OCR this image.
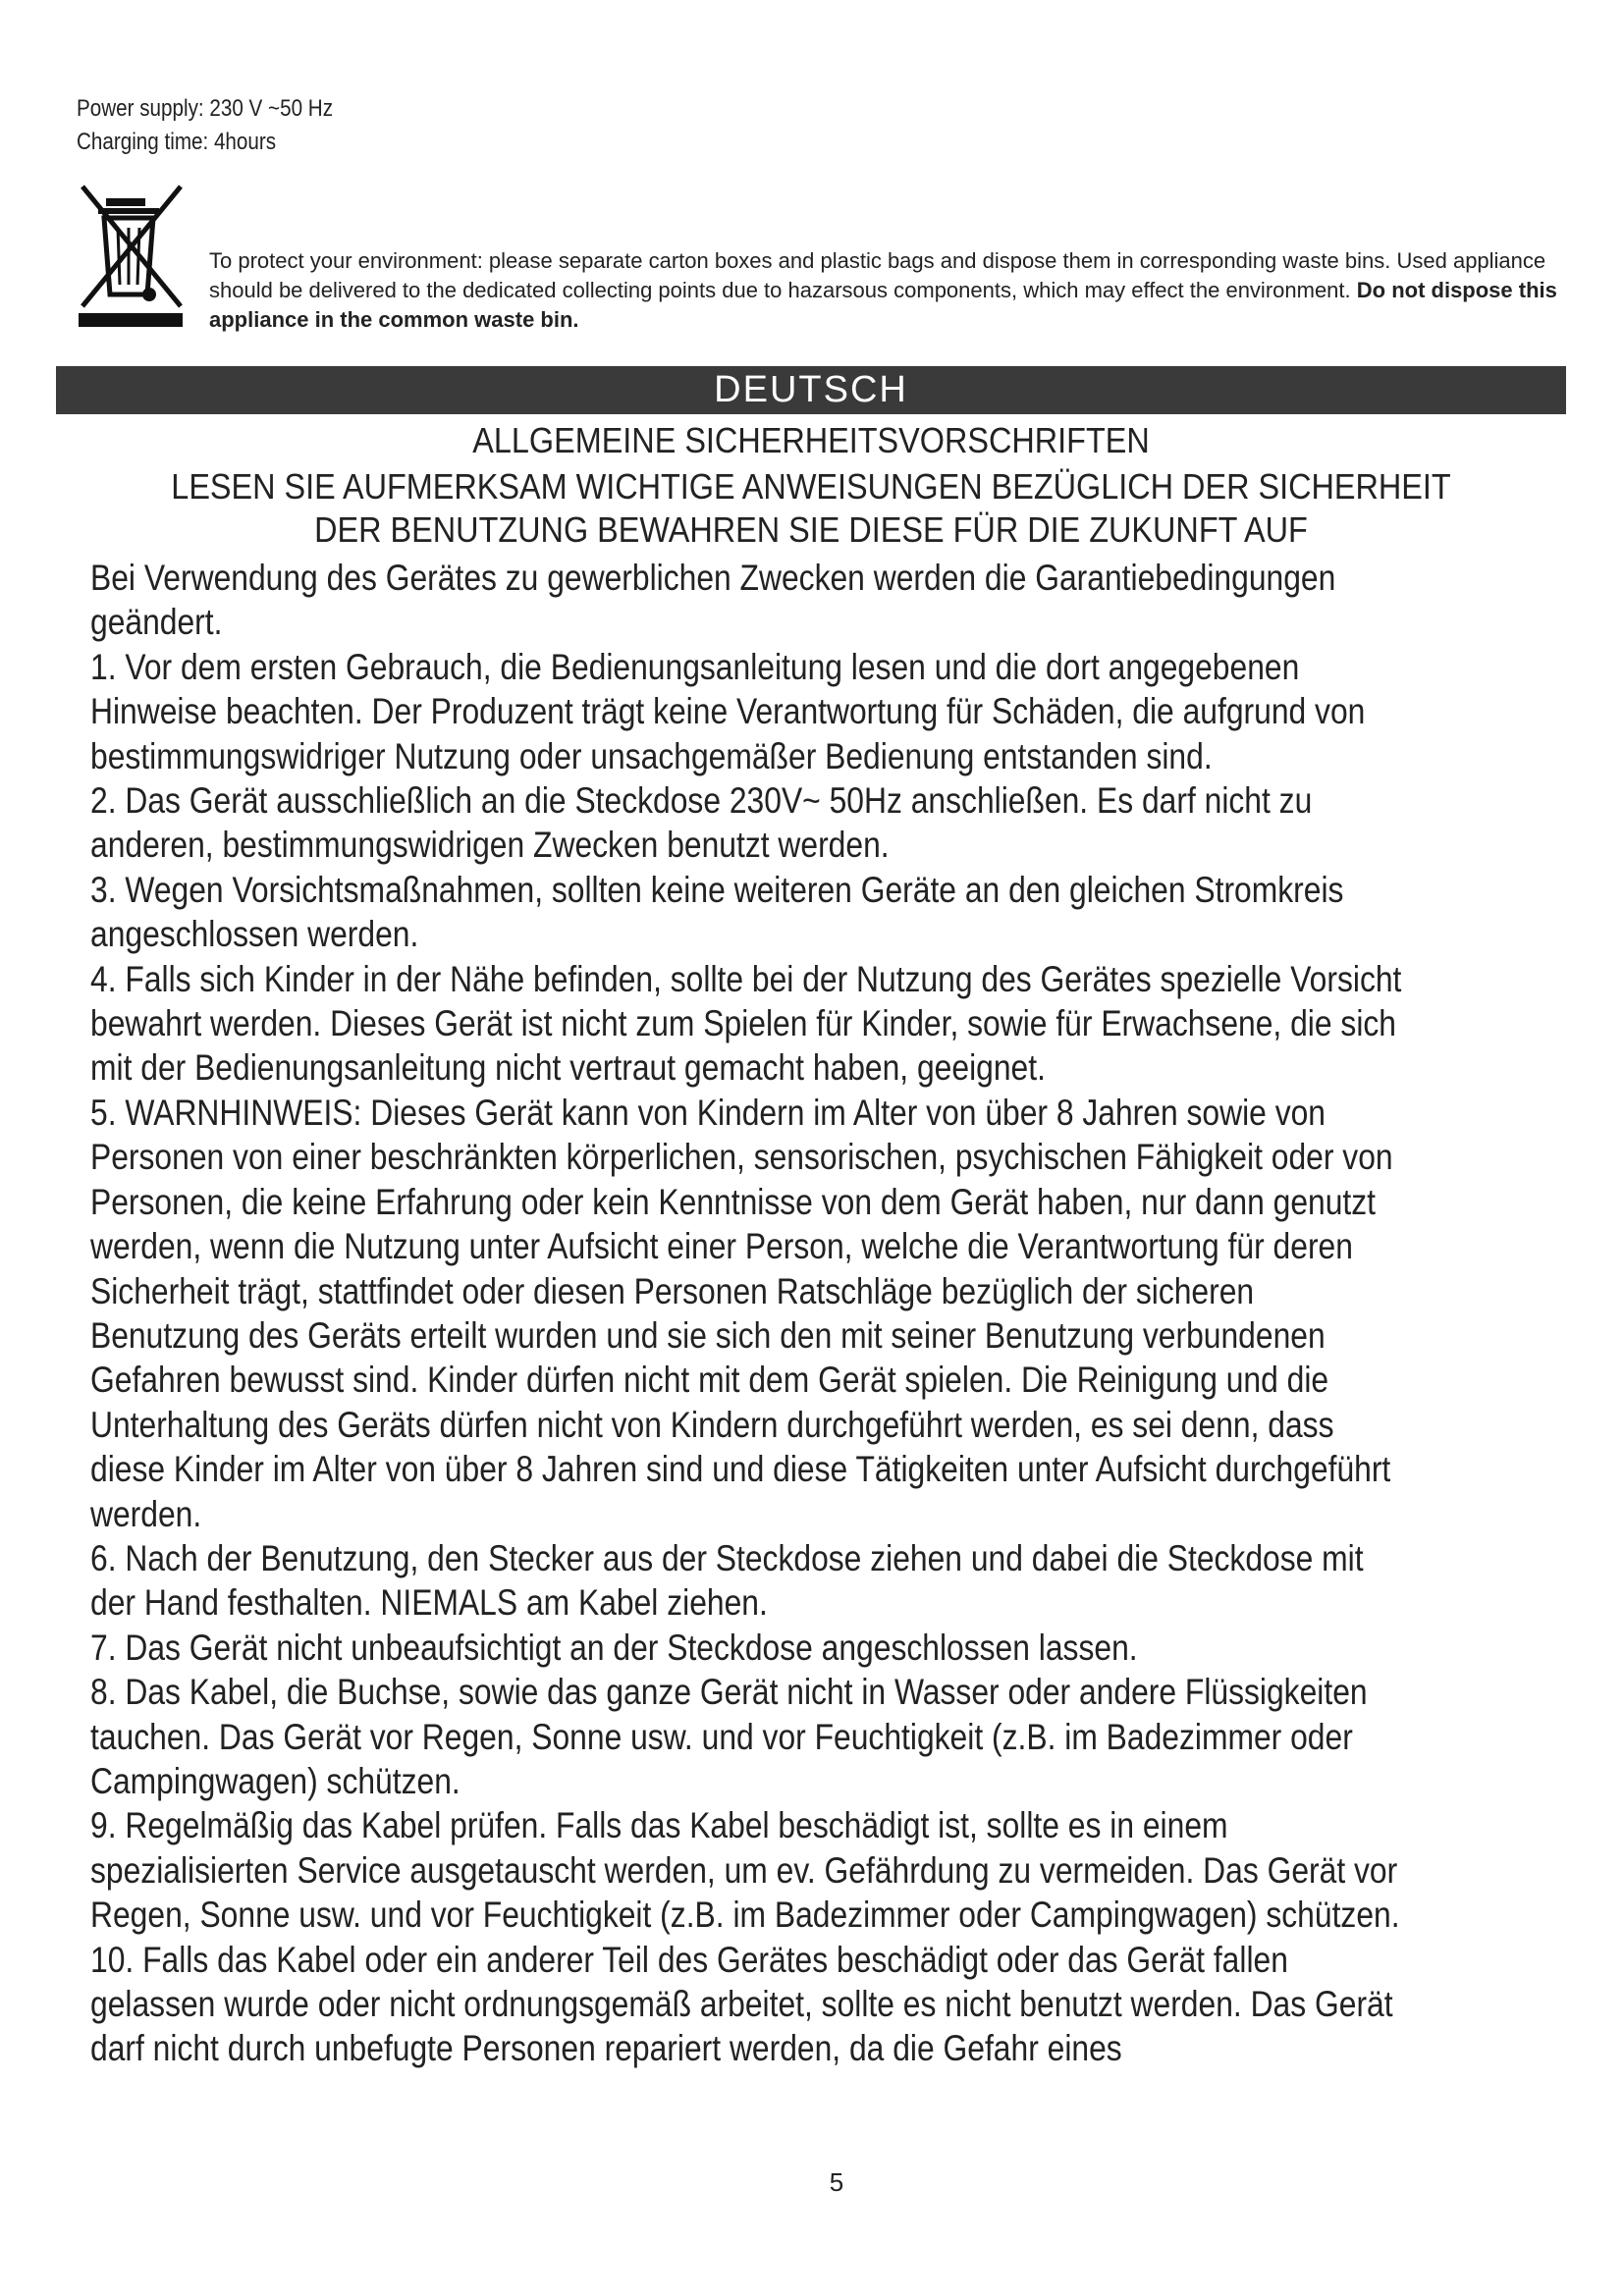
Power supply: 230 V ~50 Hz
Charging time: 4hours
To protect your environment: please separate carton boxes and plastic bags and dispose them in corresponding waste bins. Used appliance should be delivered to the dedicated collecting points due to hazarsous components, which may effect the environment. Do not dispose this appliance in the common waste bin.
DEUTSCH
ALLGEMEINE SICHERHEITSVORSCHRIFTEN
LESEN SIE AUFMERKSAM WICHTIGE ANWEISUNGEN BEZÜGLICH DER SICHERHEIT
DER BENUTZUNG BEWAHREN SIE DIESE FÜR DIE ZUKUNFT AUF

Bei Verwendung des Gerätes zu gewerblichen Zwecken werden die Garantiebedingungen geändert.

1. Vor dem ersten Gebrauch, die Bedienungsanleitung lesen und die dort angegebenen Hinweise beachten. Der Produzent trägt keine Verantwortung für Schäden, die aufgrund von bestimmungswidriger Nutzung oder unsachgemäßer Bedienung entstanden sind.

2. Das Gerät ausschließlich an die Steckdose 230V~ 50Hz anschließen. Es darf nicht zu anderen, bestimmungswidrigen Zwecken benutzt werden.

3. Wegen Vorsichtsmaßnahmen, sollten keine weiteren Geräte an den gleichen Stromkreis angeschlossen werden.

4. Falls sich Kinder in der Nähe befinden, sollte bei der Nutzung des Gerätes spezielle Vorsicht bewahrt werden. Dieses Gerät ist nicht zum Spielen für Kinder, sowie für Erwachsene, die sich mit der Bedienungsanleitung nicht vertraut gemacht haben, geeignet.

5. WARNHINWEIS: Dieses Gerät kann von Kindern im Alter von über 8 Jahren sowie von Personen von einer beschränkten körperlichen, sensorischen, psychischen Fähigkeit oder von Personen, die keine Erfahrung oder kein Kenntnisse von dem Gerät haben, nur dann genutzt werden, wenn die Nutzung unter Aufsicht einer Person, welche die Verantwortung für deren Sicherheit trägt, stattfindet oder diesen Personen Ratschläge bezüglich der sicheren Benutzung des Geräts erteilt wurden und sie sich den mit seiner Benutzung verbundenen Gefahren bewusst sind. Kinder dürfen nicht mit dem Gerät spielen. Die Reinigung und die Unterhaltung des Geräts dürfen nicht von Kindern durchgeführt werden, es sei denn, dass diese Kinder im Alter von über 8 Jahren sind und diese Tätigkeiten unter Aufsicht durchgeführt werden.

6. Nach der Benutzung, den Stecker aus der Steckdose ziehen und dabei die Steckdose mit der Hand festhalten. NIEMALS am Kabel ziehen.

7. Das Gerät nicht unbeaufsichtigt an der Steckdose angeschlossen lassen.

8. Das Kabel, die Buchse, sowie das ganze Gerät nicht in Wasser oder andere Flüssigkeiten tauchen. Das Gerät vor Regen, Sonne usw. und vor Feuchtigkeit (z.B. im Badezimmer oder Campingwagen) schützen.

9. Regelmäßig das Kabel prüfen. Falls das Kabel beschädigt ist, sollte es in einem spezialisierten Service ausgetauscht werden, um ev. Gefährdung zu vermeiden. Das Gerät vor Regen, Sonne usw. und vor Feuchtigkeit (z.B. im Badezimmer oder Campingwagen) schützen.

10. Falls das Kabel oder ein anderer Teil des Gerätes beschädigt oder das Gerät fallen gelassen wurde oder nicht ordnungsgemäß arbeitet, sollte es nicht benutzt werden. Das Gerät darf nicht durch unbefugte Personen repariert werden, da die Gefahr eines

5
